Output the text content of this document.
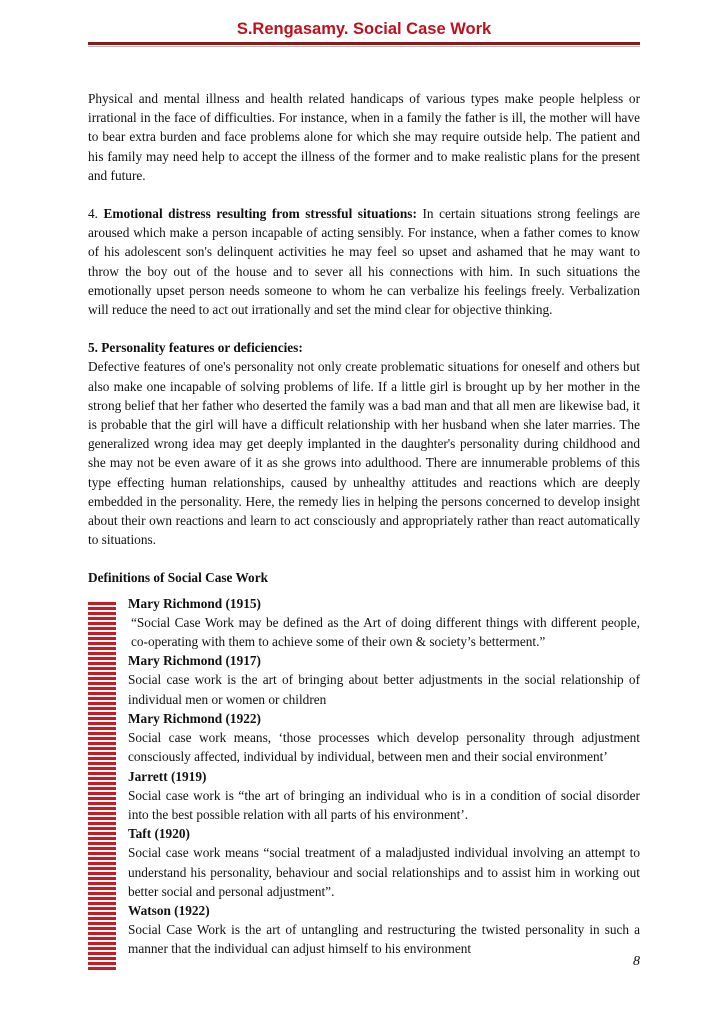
S.Rengasamy. Social Case Work

Physical and mental illness and health related handicaps of various types make people helpless or irrational in the face of difficulties. For instance, when in a family the father is ill, the mother will have to bear extra burden and face problems alone for which she may require outside help. The patient and his family may need help to accept the illness of the former and to make realistic plans for the present and future.

4. Emotional distress resulting from stressful situations: In certain situations strong feelings are aroused which make a person incapable of acting sensibly. For instance, when a father comes to know of his adolescent son's delinquent activities he may feel so upset and ashamed that he may want to throw the boy out of the house and to sever all his connections with him. In such situations the emotionally upset person needs someone to whom he can verbalize his feelings freely. Verbalization will reduce the need to act out irrationally and set the mind clear for objective thinking.

5. Personality features or deficiencies:

Defective features of one's personality not only create problematic situations for oneself and others but also make one incapable of solving problems of life. If a little girl is brought up by her mother in the strong belief that her father who deserted the family was a bad man and that all men are likewise bad, it is probable that the girl will have a difficult relationship with her husband when she later marries. The generalized wrong idea may get deeply implanted in the daughter's personality during childhood and she may not be even aware of it as she grows into adulthood. There are innumerable problems of this type effecting human relationships, caused by unhealthy attitudes and reactions which are deeply embedded in the personality. Here, the remedy lies in helping the persons concerned to develop insight about their own reactions and learn to act consciously and appropriately rather than react automatically to situations.

Definitions of Social Case Work

Mary Richmond (1915)

“Social Case Work may be defined as the Art of doing different things with different people, co-operating with them to achieve some of their own & society’s betterment.”

Mary Richmond (1917)

Social case work is the art of bringing about better adjustments in the social relationship of individual men or women or children

Mary Richmond (1922)

Social case work means, ‘those processes which develop personality through adjustment consciously affected, individual by individual, between men and their social environment’

Jarrett (1919)

Social case work is “the art of bringing an individual who is in a condition of social disorder into the best possible relation with all parts of his environment’.

Taft (1920)

Social case work means “social treatment of a maladjusted individual involving an attempt to understand his personality, behaviour and social relationships and to assist him in working out better social and personal adjustment”.

Watson (1922)

Social Case Work is the art of untangling and restructuring the twisted personality in such a manner that the individual can adjust himself to his environment

8
